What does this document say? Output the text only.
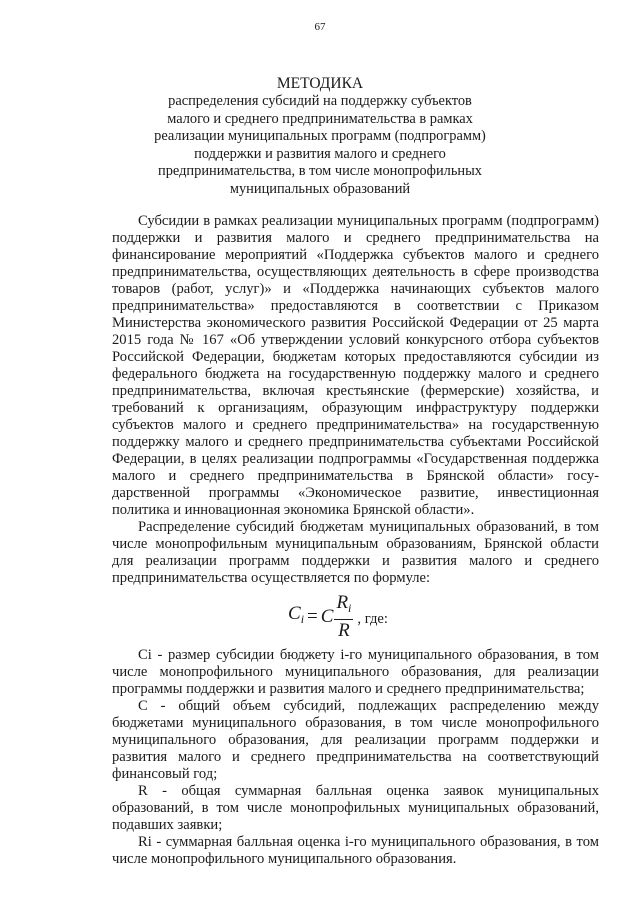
67
МЕТОДИКА
распределения субсидий на поддержку субъектов
малого и среднего предпринимательства в рамках
реализации муниципальных программ (подпрограмм)
поддержки и развития малого и среднего
предпринимательства, в том числе монопрофильных
муниципальных образований

Субсидии в рамках реализации муниципальных программ (подпрограмм) поддержки и развития малого и среднего предпринимательства на финансирование мероприятий «Поддержка субъектов малого и среднего предпринимательства, осуществляющих деятельность в сфере производства товаров (работ, услуг)» и «Поддержка начинающих субъектов малого предпринимательства» предоставляются в соответствии с Приказом Министерства экономического развития Российской Федерации от 25 марта 2015 года № 167 «Об утверждении условий конкурсного отбора субъектов Российской Федерации, бюджетам которых предоставляются субсидии из федерального бюджета на государственную поддержку малого и среднего предпринимательства, включая крестьянские (фермерские) хозяйства, и требований к организациям, образующим инфраструктуру поддержки субъектов малого и среднего предпринимательства» на государственную поддержку малого и среднего предпринимательства субъектами Российской Федерации, в целях реализации подпрограммы «Государственная поддержка малого и среднего предпринимательства в Брянской области» государственной программы «Экономическое развитие, инвестиционная политика и инновационная экономика Брянской области».

Распределение субсидий бюджетам муниципальных образований, в том числе монопрофильным муниципальным образованиям, Брянской области для реализации программ поддержки и развития малого и среднего предпринимательства осуществляется по формуле:

$C_i = C \frac{R_i}{R}$ , где:

Ci - размер субсидии бюджету i-го муниципального образования, в том числе монопрофильного муниципального образования, для реализации программы поддержки и развития малого и среднего предпринимательства;

С - общий объем субсидий, подлежащих распределению между бюджетами муниципального образования, в том числе монопрофильного муниципального образования, для реализации программ поддержки и развития малого и среднего предпринимательства на соответствующий финансовый год;

R - общая суммарная балльная оценка заявок муниципальных образований, в том числе монопрофильных муниципальных образований, подавших заявки;

Ri - суммарная балльная оценка i-го муниципального образования, в том числе монопрофильного муниципального образования.
